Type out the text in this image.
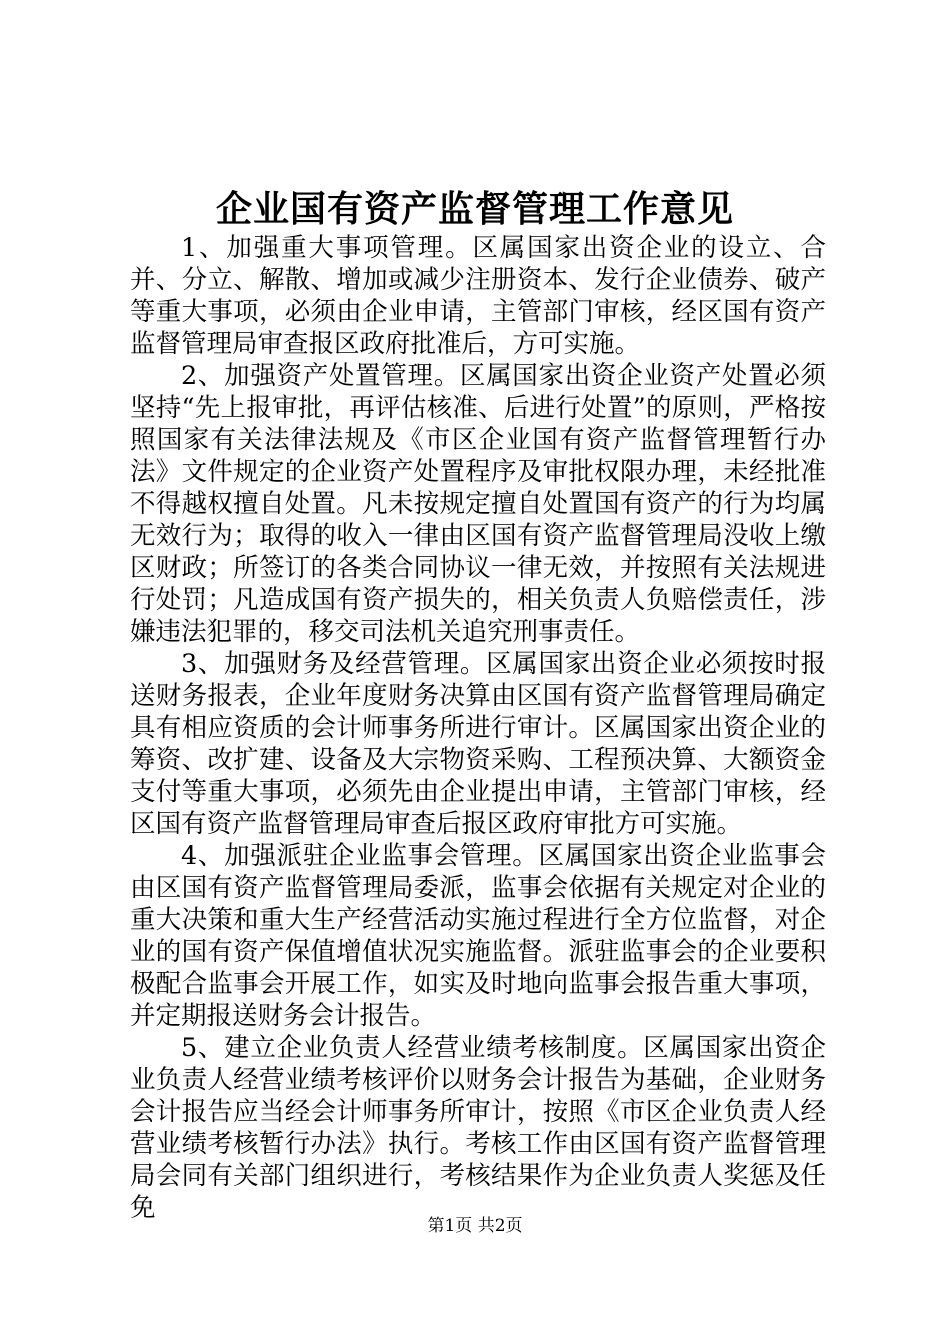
企业国有资产监督管理工作意见

1、加强重大事项管理。区属国家出资企业的设立、合并、分立、解散、增加或减少注册资本、发行企业债券、破产等重大事项，必须由企业申请，主管部门审核，经区国有资产监督管理局审查报区政府批准后，方可实施。

2、加强资产处置管理。区属国家出资企业资产处置必须坚持“先上报审批，再评估核准、后进行处置”的原则，严格按照国家有关法律法规及《市区企业国有资产监督管理暂行办法》文件规定的企业资产处置程序及审批权限办理，未经批准不得越权擅自处置。凡未按规定擅自处置国有资产的行为均属无效行为；取得的收入一律由区国有资产监督管理局没收上缴区财政；所签订的各类合同协议一律无效，并按照有关法规进行处罚；凡造成国有资产损失的，相关负责人负赔偿责任，涉嫌违法犯罪的，移交司法机关追究刑事责任。

3、加强财务及经营管理。区属国家出资企业必须按时报送财务报表，企业年度财务决算由区国有资产监督管理局确定具有相应资质的会计师事务所进行审计。区属国家出资企业的筹资、改扩建、设备及大宗物资采购、工程预决算、大额资金支付等重大事项，必须先由企业提出申请，主管部门审核，经区国有资产监督管理局审查后报区政府审批方可实施。

4、加强派驻企业监事会管理。区属国家出资企业监事会由区国有资产监督管理局委派，监事会依据有关规定对企业的重大决策和重大生产经营活动实施过程进行全方位监督，对企业的国有资产保值增值状况实施监督。派驻监事会的企业要积极配合监事会开展工作，如实及时地向监事会报告重大事项，并定期报送财务会计报告。

5、建立企业负责人经营业绩考核制度。区属国家出资企业负责人经营业绩考核评价以财务会计报告为基础，企业财务会计报告应当经会计师事务所审计，按照《市区企业负责人经营业绩考核暂行办法》执行。考核工作由区国有资产监督管理局会同有关部门组织进行，考核结果作为企业负责人奖惩及任免

第1页 共2页
